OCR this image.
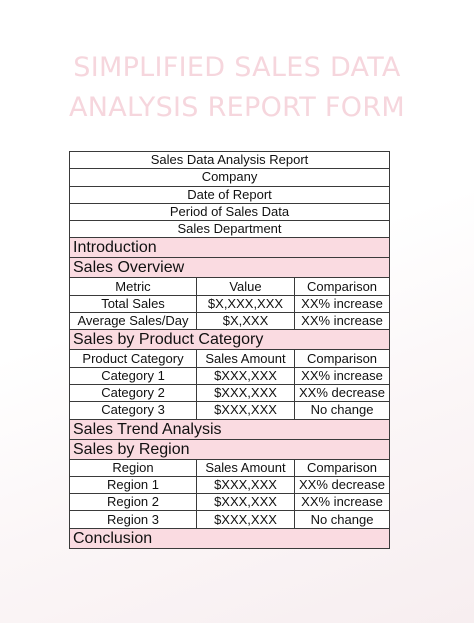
SIMPLIFIED SALES DATA
ANALYSIS REPORT FORM
Sales Data Analysis Report		
Company		
Date of Report		
Period of Sales Data		
Sales Department		
Introduction		
Sales Overview		
Metric	Value	Comparison
Total Sales	$X,XXX,XXX	XX% increase
Average Sales/Day	$X,XXX	XX% increase
Sales by Product Category		
Product Category	Sales Amount	Comparison
Category 1	$XXX,XXX	XX% increase
Category 2	$XXX,XXX	XX% decrease
Category 3	$XXX,XXX	No change
Sales Trend Analysis		
Sales by Region		
Region	Sales Amount	Comparison
Region 1	$XXX,XXX	XX% decrease
Region 2	$XXX,XXX	XX% increase
Region 3	$XXX,XXX	No change
Conclusion		
